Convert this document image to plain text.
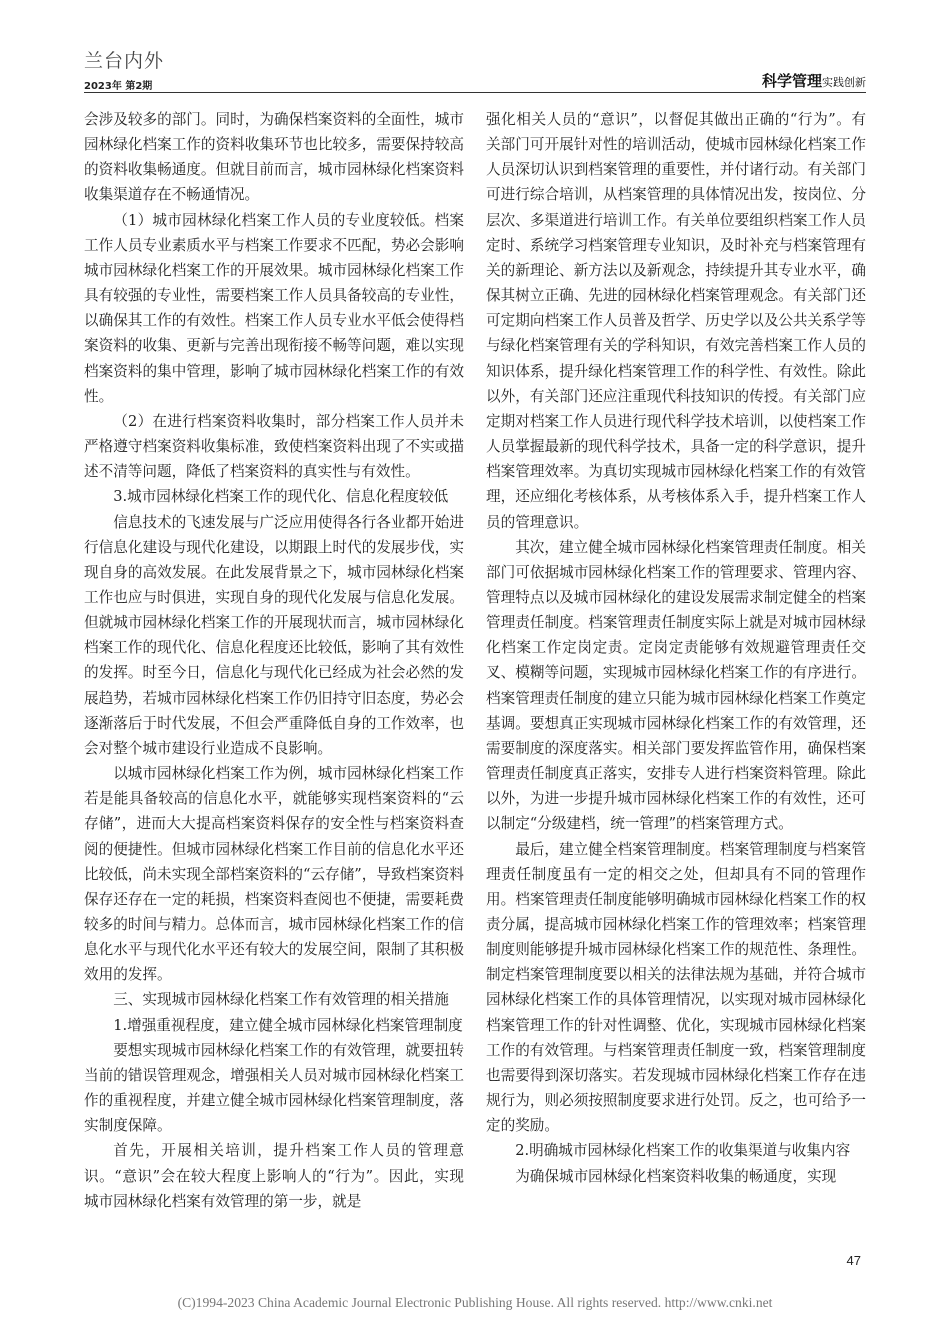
兰台内外
2023年 第2期	科学管理实践创新

会涉及较多的部门。同时，为确保档案资料的全面性，城市园林绿化档案工作的资料收集环节也比较多，需要保持较高的资料收集畅通度。但就目前而言，城市园林绿化档案资料收集渠道存在不畅通情况。

（1）城市园林绿化档案工作人员的专业度较低。档案工作人员专业素质水平与档案工作要求不匹配，势必会影响城市园林绿化档案工作的开展效果。城市园林绿化档案工作具有较强的专业性，需要档案工作人员具备较高的专业性，以确保其工作的有效性。档案工作人员专业水平低会使得档案资料的收集、更新与完善出现衔接不畅等问题，难以实现档案资料的集中管理，影响了城市园林绿化档案工作的有效性。

（2）在进行档案资料收集时，部分档案工作人员并未严格遵守档案资料收集标准，致使档案资料出现了不实或描述不清等问题，降低了档案资料的真实性与有效性。

3.城市园林绿化档案工作的现代化、信息化程度较低

信息技术的飞速发展与广泛应用使得各行各业都开始进行信息化建设与现代化建设，以期跟上时代的发展步伐，实现自身的高效发展。在此发展背景之下，城市园林绿化档案工作也应与时俱进，实现自身的现代化发展与信息化发展。但就城市园林绿化档案工作的开展现状而言，城市园林绿化档案工作的现代化、信息化程度还比较低，影响了其有效性的发挥。时至今日，信息化与现代化已经成为社会必然的发展趋势，若城市园林绿化档案工作仍旧持守旧态度，势必会逐渐落后于时代发展，不但会严重降低自身的工作效率，也会对整个城市建设行业造成不良影响。

以城市园林绿化档案工作为例，城市园林绿化档案工作若是能具备较高的信息化水平，就能够实现档案资料的“云存储”，进而大大提高档案资料保存的安全性与档案资料查阅的便捷性。但城市园林绿化档案工作目前的信息化水平还比较低，尚未实现全部档案资料的“云存储”，导致档案资料保存还存在一定的耗损，档案资料查阅也不便捷，需要耗费较多的时间与精力。总体而言，城市园林绿化档案工作的信息化水平与现代化水平还有较大的发展空间，限制了其积极效用的发挥。

三、实现城市园林绿化档案工作有效管理的相关措施

1.增强重视程度，建立健全城市园林绿化档案管理制度

要想实现城市园林绿化档案工作的有效管理，就要扭转当前的错误管理观念，增强相关人员对城市园林绿化档案工作的重视程度，并建立健全城市园林绿化档案管理制度，落实制度保障。

首先，开展相关培训，提升档案工作人员的管理意识。“意识”会在较大程度上影响人的“行为”。因此，实现城市园林绿化档案有效管理的第一步，就是

强化相关人员的“意识”，以督促其做出正确的“行为”。有关部门可开展针对性的培训活动，使城市园林绿化档案工作人员深切认识到档案管理的重要性，并付诸行动。有关部门可进行综合培训，从档案管理的具体情况出发，按岗位、分层次、多渠道进行培训工作。有关单位要组织档案工作人员定时、系统学习档案管理专业知识，及时补充与档案管理有关的新理论、新方法以及新观念，持续提升其专业水平，确保其树立正确、先进的园林绿化档案管理观念。有关部门还可定期向档案工作人员普及哲学、历史学以及公共关系学等与绿化档案管理有关的学科知识，有效完善档案工作人员的知识体系，提升绿化档案管理工作的科学性、有效性。除此以外，有关部门还应注重现代科技知识的传授。有关部门应定期对档案工作人员进行现代科学技术培训，以使档案工作人员掌握最新的现代科学技术，具备一定的科学意识，提升档案管理效率。为真切实现城市园林绿化档案工作的有效管理，还应细化考核体系，从考核体系入手，提升档案工作人员的管理意识。

其次，建立健全城市园林绿化档案管理责任制度。相关部门可依据城市园林绿化档案工作的管理要求、管理内容、管理特点以及城市园林绿化的建设发展需求制定健全的档案管理责任制度。档案管理责任制度实际上就是对城市园林绿化档案工作定岗定责。定岗定责能够有效规避管理责任交叉、模糊等问题，实现城市园林绿化档案工作的有序进行。档案管理责任制度的建立只能为城市园林绿化档案工作奠定基调。要想真正实现城市园林绿化档案工作的有效管理，还需要制度的深度落实。相关部门要发挥监管作用，确保档案管理责任制度真正落实，安排专人进行档案资料管理。除此以外，为进一步提升城市园林绿化档案工作的有效性，还可以制定“分级建档，统一管理”的档案管理方式。

最后，建立健全档案管理制度。档案管理制度与档案管理责任制度虽有一定的相交之处，但却具有不同的管理作用。档案管理责任制度能够明确城市园林绿化档案工作的权责分属，提高城市园林绿化档案工作的管理效率；档案管理制度则能够提升城市园林绿化档案工作的规范性、条理性。制定档案管理制度要以相关的法律法规为基础，并符合城市园林绿化档案工作的具体管理情况，以实现对城市园林绿化档案管理工作的针对性调整、优化，实现城市园林绿化档案工作的有效管理。与档案管理责任制度一致，档案管理制度也需要得到深切落实。若发现城市园林绿化档案工作存在违规行为，则必须按照制度要求进行处罚。反之，也可给予一定的奖励。

2.明确城市园林绿化档案工作的收集渠道与收集内容

为确保城市园林绿化档案资料收集的畅通度，实现

47
(C)1994-2023 China Academic Journal Electronic Publishing House. All rights reserved. http://www.cnki.net
